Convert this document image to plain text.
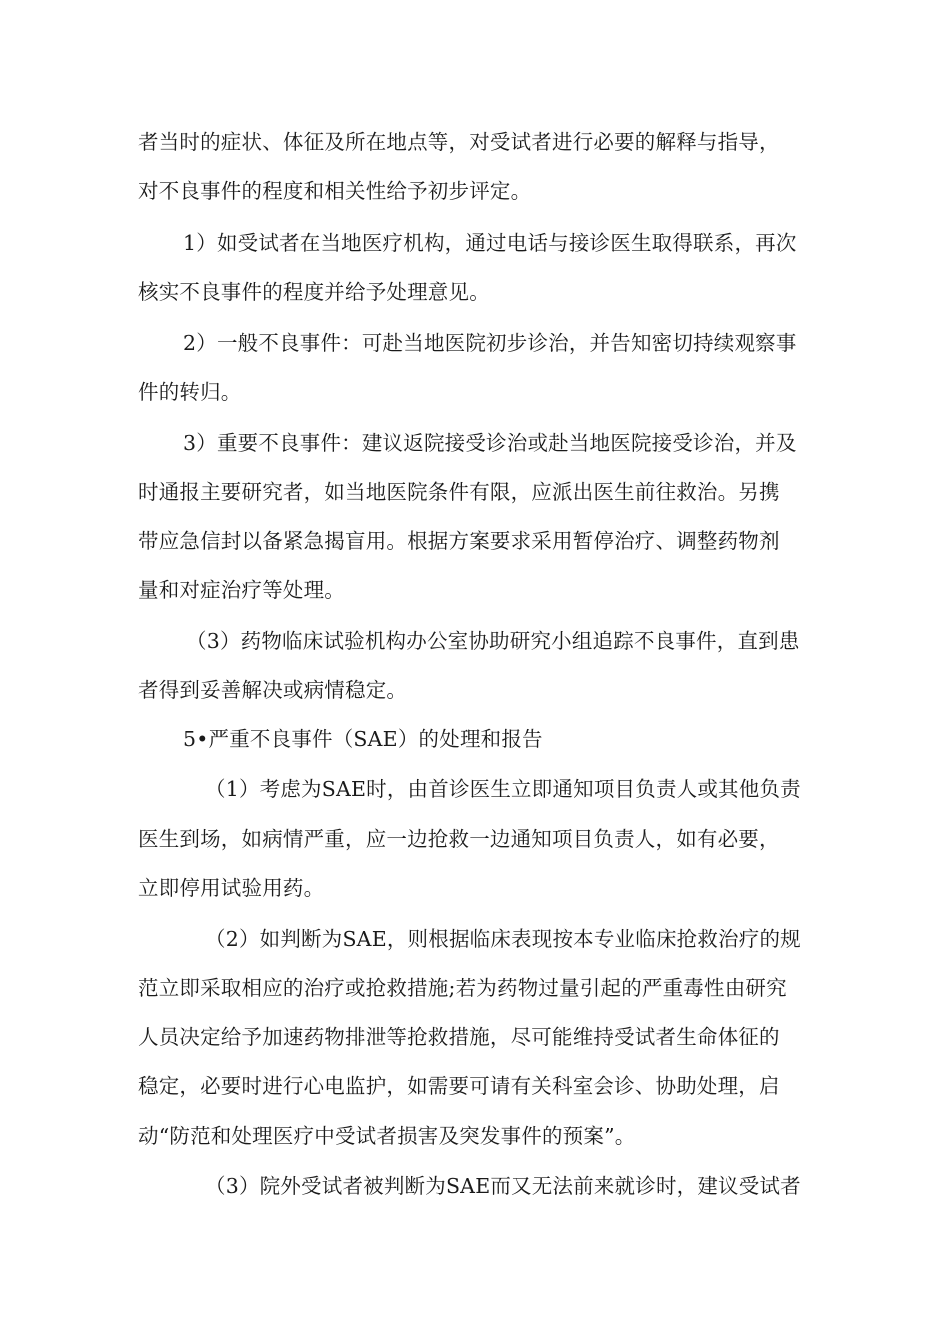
者当时的症状、体征及所在地点等，对受试者进行必要的解释与指导，
对不良事件的程度和相关性给予初步评定。
1）如受试者在当地医疗机构，通过电话与接诊医生取得联系，再次
核实不良事件的程度并给予处理意见。
2）一般不良事件：可赴当地医院初步诊治，并告知密切持续观察事
件的转归。
3）重要不良事件：建议返院接受诊治或赴当地医院接受诊治，并及
时通报主要研究者，如当地医院条件有限，应派出医生前往救治。另携
带应急信封以备紧急揭盲用。根据方案要求采用暂停治疗、调整药物剂
量和对症治疗等处理。
（3）药物临床试验机构办公室协助研究小组追踪不良事件，直到患
者得到妥善解决或病情稳定。
5•严重不良事件（SAE）的处理和报告
（1）考虑为SAE时，由首诊医生立即通知项目负责人或其他负责
医生到场，如病情严重，应一边抢救一边通知项目负责人，如有必要，
立即停用试验用药。
（2）如判断为SAE，则根据临床表现按本专业临床抢救治疗的规
范立即采取相应的治疗或抢救措施;若为药物过量引起的严重毒性由研究
人员决定给予加速药物排泄等抢救措施，尽可能维持受试者生命体征的
稳定，必要时进行心电监护，如需要可请有关科室会诊、协助处理，启
动“防范和处理医疗中受试者损害及突发事件的预案”。
（3）院外受试者被判断为SAE而又无法前来就诊时，建议受试者
